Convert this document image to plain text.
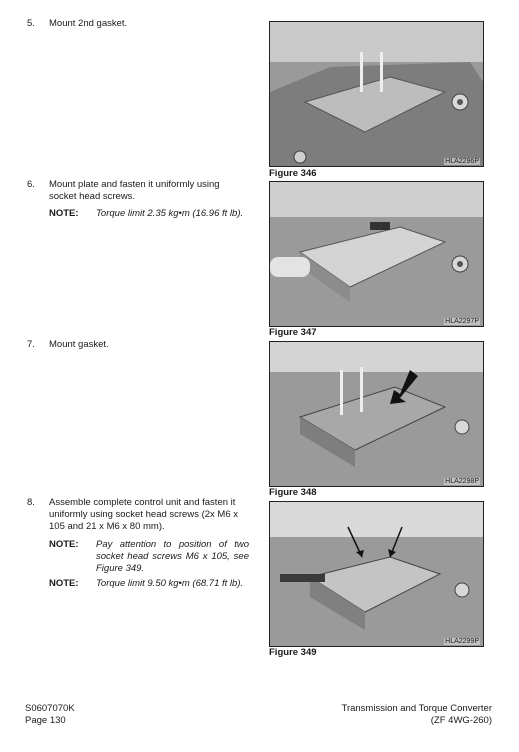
5. Mount 2nd gasket.
6. Mount plate and fasten it uniformly using socket head screws.
NOTE: Torque limit 2.35 kg•m (16.96 ft lb).
7. Mount gasket.
8. Assemble complete control unit and fasten it uniformly using socket head screws (2x M6 x 105 and 21 x M6 x 80 mm).
NOTE: Pay attention to position of two socket head screws M6 x 105, see Figure 349.
NOTE: Torque limit 9.50 kg•m (68.71 ft lb).
HLA2296P
Figure 346
HLA2297P
Figure 347
HLA2298P
Figure 348
HLA2299P
Figure 349
S0607070K
Page 130
Transmission and Torque Converter
(ZF 4WG-260)
